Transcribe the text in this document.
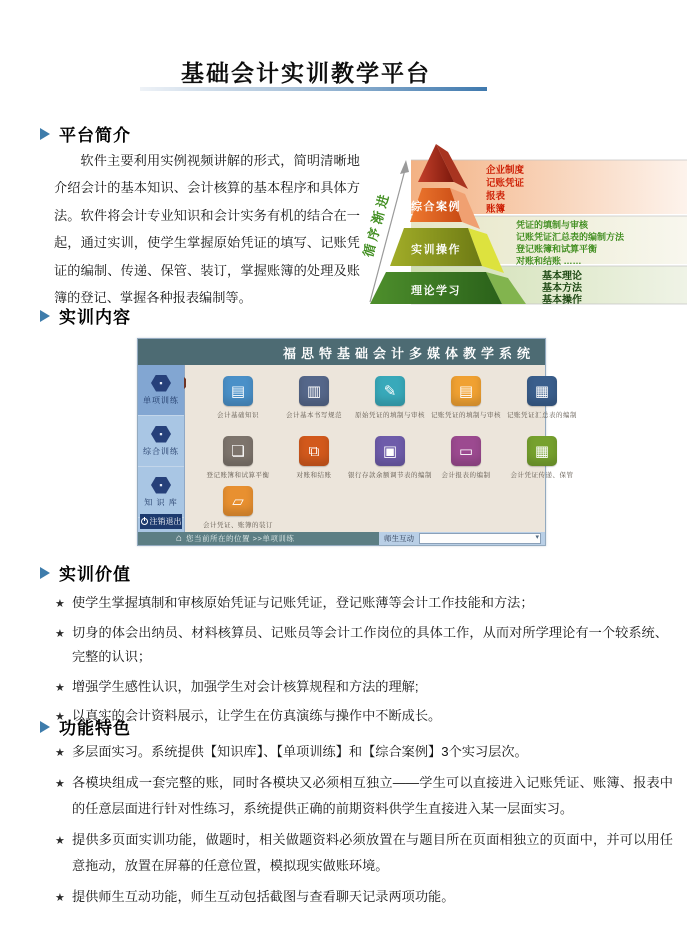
基础会计实训教学平台
平台简介
软件主要利用实例视频讲解的形式，简明清晰地介绍会计的基本知识、会计核算的基本程序和具体方法。软件将会计专业知识和会计实务有机的结合在一起，通过实训，使学生掌握原始凭证的填写、记账凭证的编制、传递、保管、装订，掌握账簿的处理及账簿的登记、掌握各种报表编制等。
综合案例
实训操作
理论学习
循序渐进
企业制度
记账凭证
报表
账簿
凭证的填制与审核
记账凭证汇总表的编制方法
登记账簿和试算平衡
对账和结账 ……
基本理论
基本方法
基本操作
实训内容
福思特基础会计多媒体教学系统
▪
单项训练
▪
综合训练
▪
知 识 库
注销退出
▤
会计基础知识
▥
会计基本书写规范
✎
原始凭证的填制与审核
▤
记账凭证的填制与审核
▦
记账凭证汇总表的编制
❏
登记账簿和试算平衡
⧉
对账和结账
▣
银行存款余额调节表的编制
▭
会计报表的编制
▦
会计凭证传递、保管
▱
会计凭证、账簿的装订
⌂ 您当前所在的位置 >>单项训练	师生互动	▾
实训价值
★ 使学生掌握填制和审核原始凭证与记账凭证，登记账薄等会计工作技能和方法；
★ 切身的体会出纳员、材料核算员、记账员等会计工作岗位的具体工作，从而对所学理论有一个较系统、完整的认识；
★ 增强学生感性认识，加强学生对会计核算规程和方法的理解;
★ 以真实的会计资料展示，让学生在仿真演练与操作中不断成长。
功能特色
★ 多层面实习。系统提供【知识库】、【单项训练】和【综合案例】3个实习层次。
★ 各模块组成一套完整的账，同时各模块又必须相互独立——学生可以直接进入记账凭证、账簿、报表中的任意层面进行针对性练习，系统提供正确的前期资料供学生直接进入某一层面实习。
★ 提供多页面实训功能，做题时，相关做题资料必须放置在与题目所在页面相独立的页面中，并可以用任意拖动，放置在屏幕的任意位置，模拟现实做账环境。
★ 提供师生互动功能，师生互动包括截图与查看聊天记录两项功能。
